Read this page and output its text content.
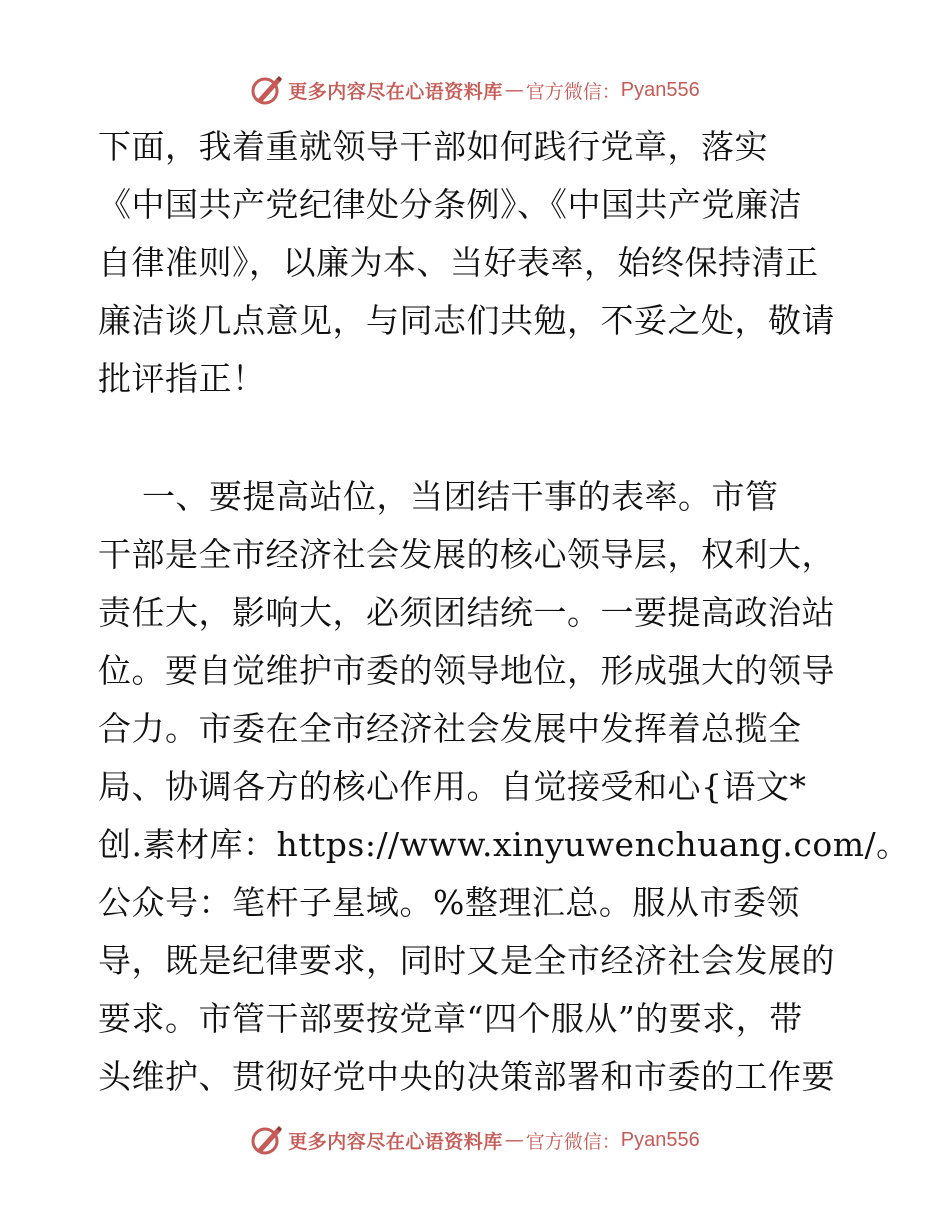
更多内容尽在心语资料库 — 官方微信： Pyan556
下面，我着重就领导干部如何践行党章，落实
《中国共产党纪律处分条例》、《中国共产党廉洁
自律准则》，以廉为本、当好表率，始终保持清正
廉洁谈几点意见，与同志们共勉，不妥之处，敬请
批评指正！
一、要提高站位，当团结干事的表率。市管
干部是全市经济社会发展的核心领导层，权利大，
责任大，影响大，必须团结统一。一要提高政治站
位。要自觉维护市委的领导地位，形成强大的领导
合力。市委在全市经济社会发展中发挥着总揽全
局、协调各方的核心作用。自觉接受和心{语文*
创.素材库：https://www.xinyuwenchuang.com/。
公众号：笔杆子星域。%整理汇总。服从市委领
导，既是纪律要求，同时又是全市经济社会发展的
要求。市管干部要按党章“四个服从”的要求，带
头维护、贯彻好党中央的决策部署和市委的工作要
更多内容尽在心语资料库 — 官方微信： Pyan556
